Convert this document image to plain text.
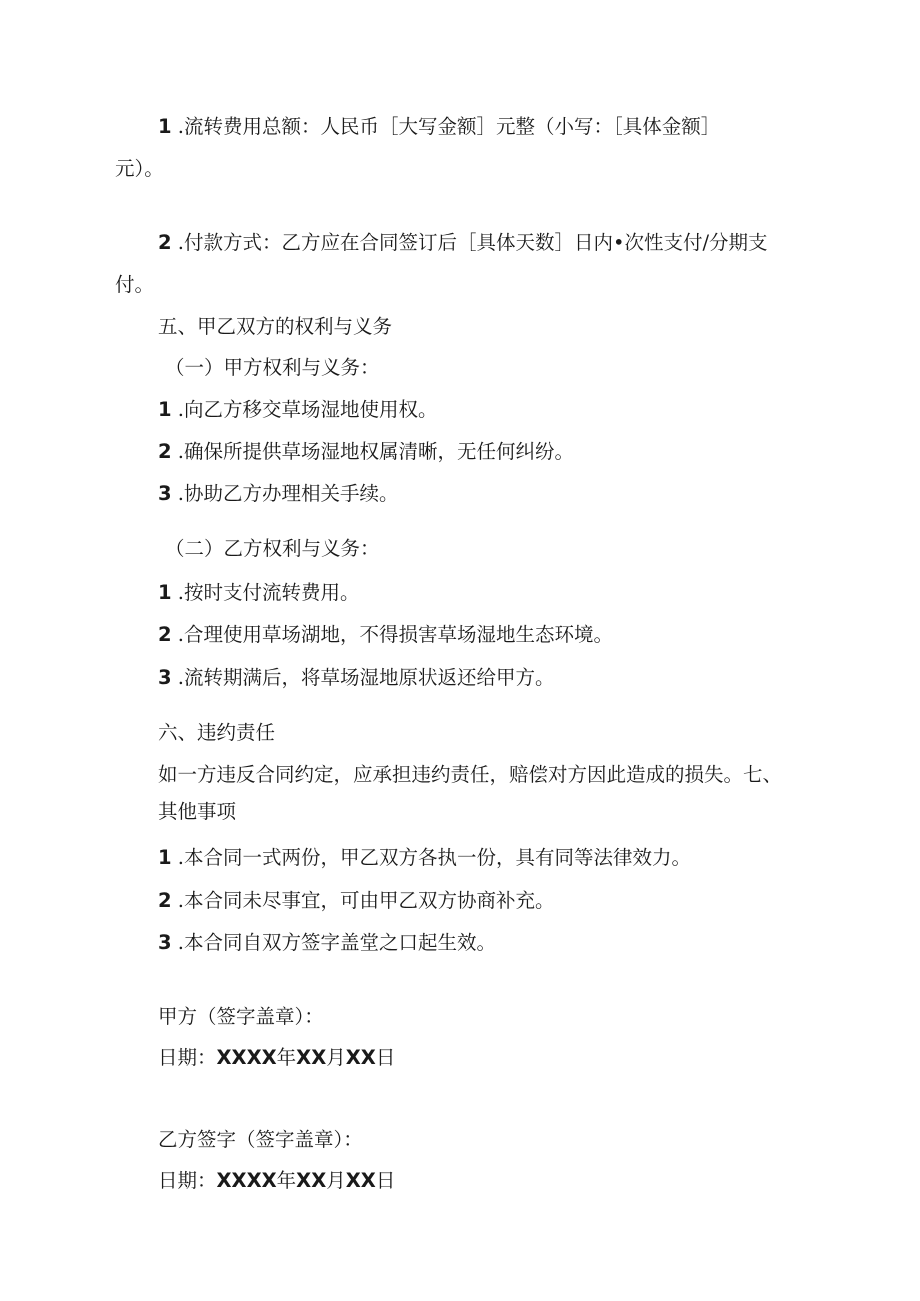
1 .流转费用总额：人民币［大写金额］元整（小写：［具体金额］
元）。
2 .付款方式：乙方应在合同签订后［具体天数］日内•次性支付/分期支
付。
五、甲乙双方的权利与义务
（一）甲方权利与义务：
1 .向乙方移交草场湿地使用权。
2 .确保所提供草场湿地权属清晰，无任何纠纷。
3 .协助乙方办理相关手续。
（二）乙方权利与义务：
1 .按时支付流转费用。
2 .合理使用草场湖地，不得损害草场湿地生态环境。
3 .流转期满后，将草场湿地原状返还给甲方。
六、违约责任
如一方违反合同约定，应承担违约责任，赔偿对方因此造成的损失。七、
其他事项
1 .本合同一式两份，甲乙双方各执一份，具有同等法律效力。
2 .本合同未尽事宜，可由甲乙双方协商补充。
3 .本合同自双方签字盖堂之口起生效。
甲方（签字盖章）：
日期：XXXX年XX月XX日
乙方签字（签字盖章）：
日期：XXXX年XX月XX日
